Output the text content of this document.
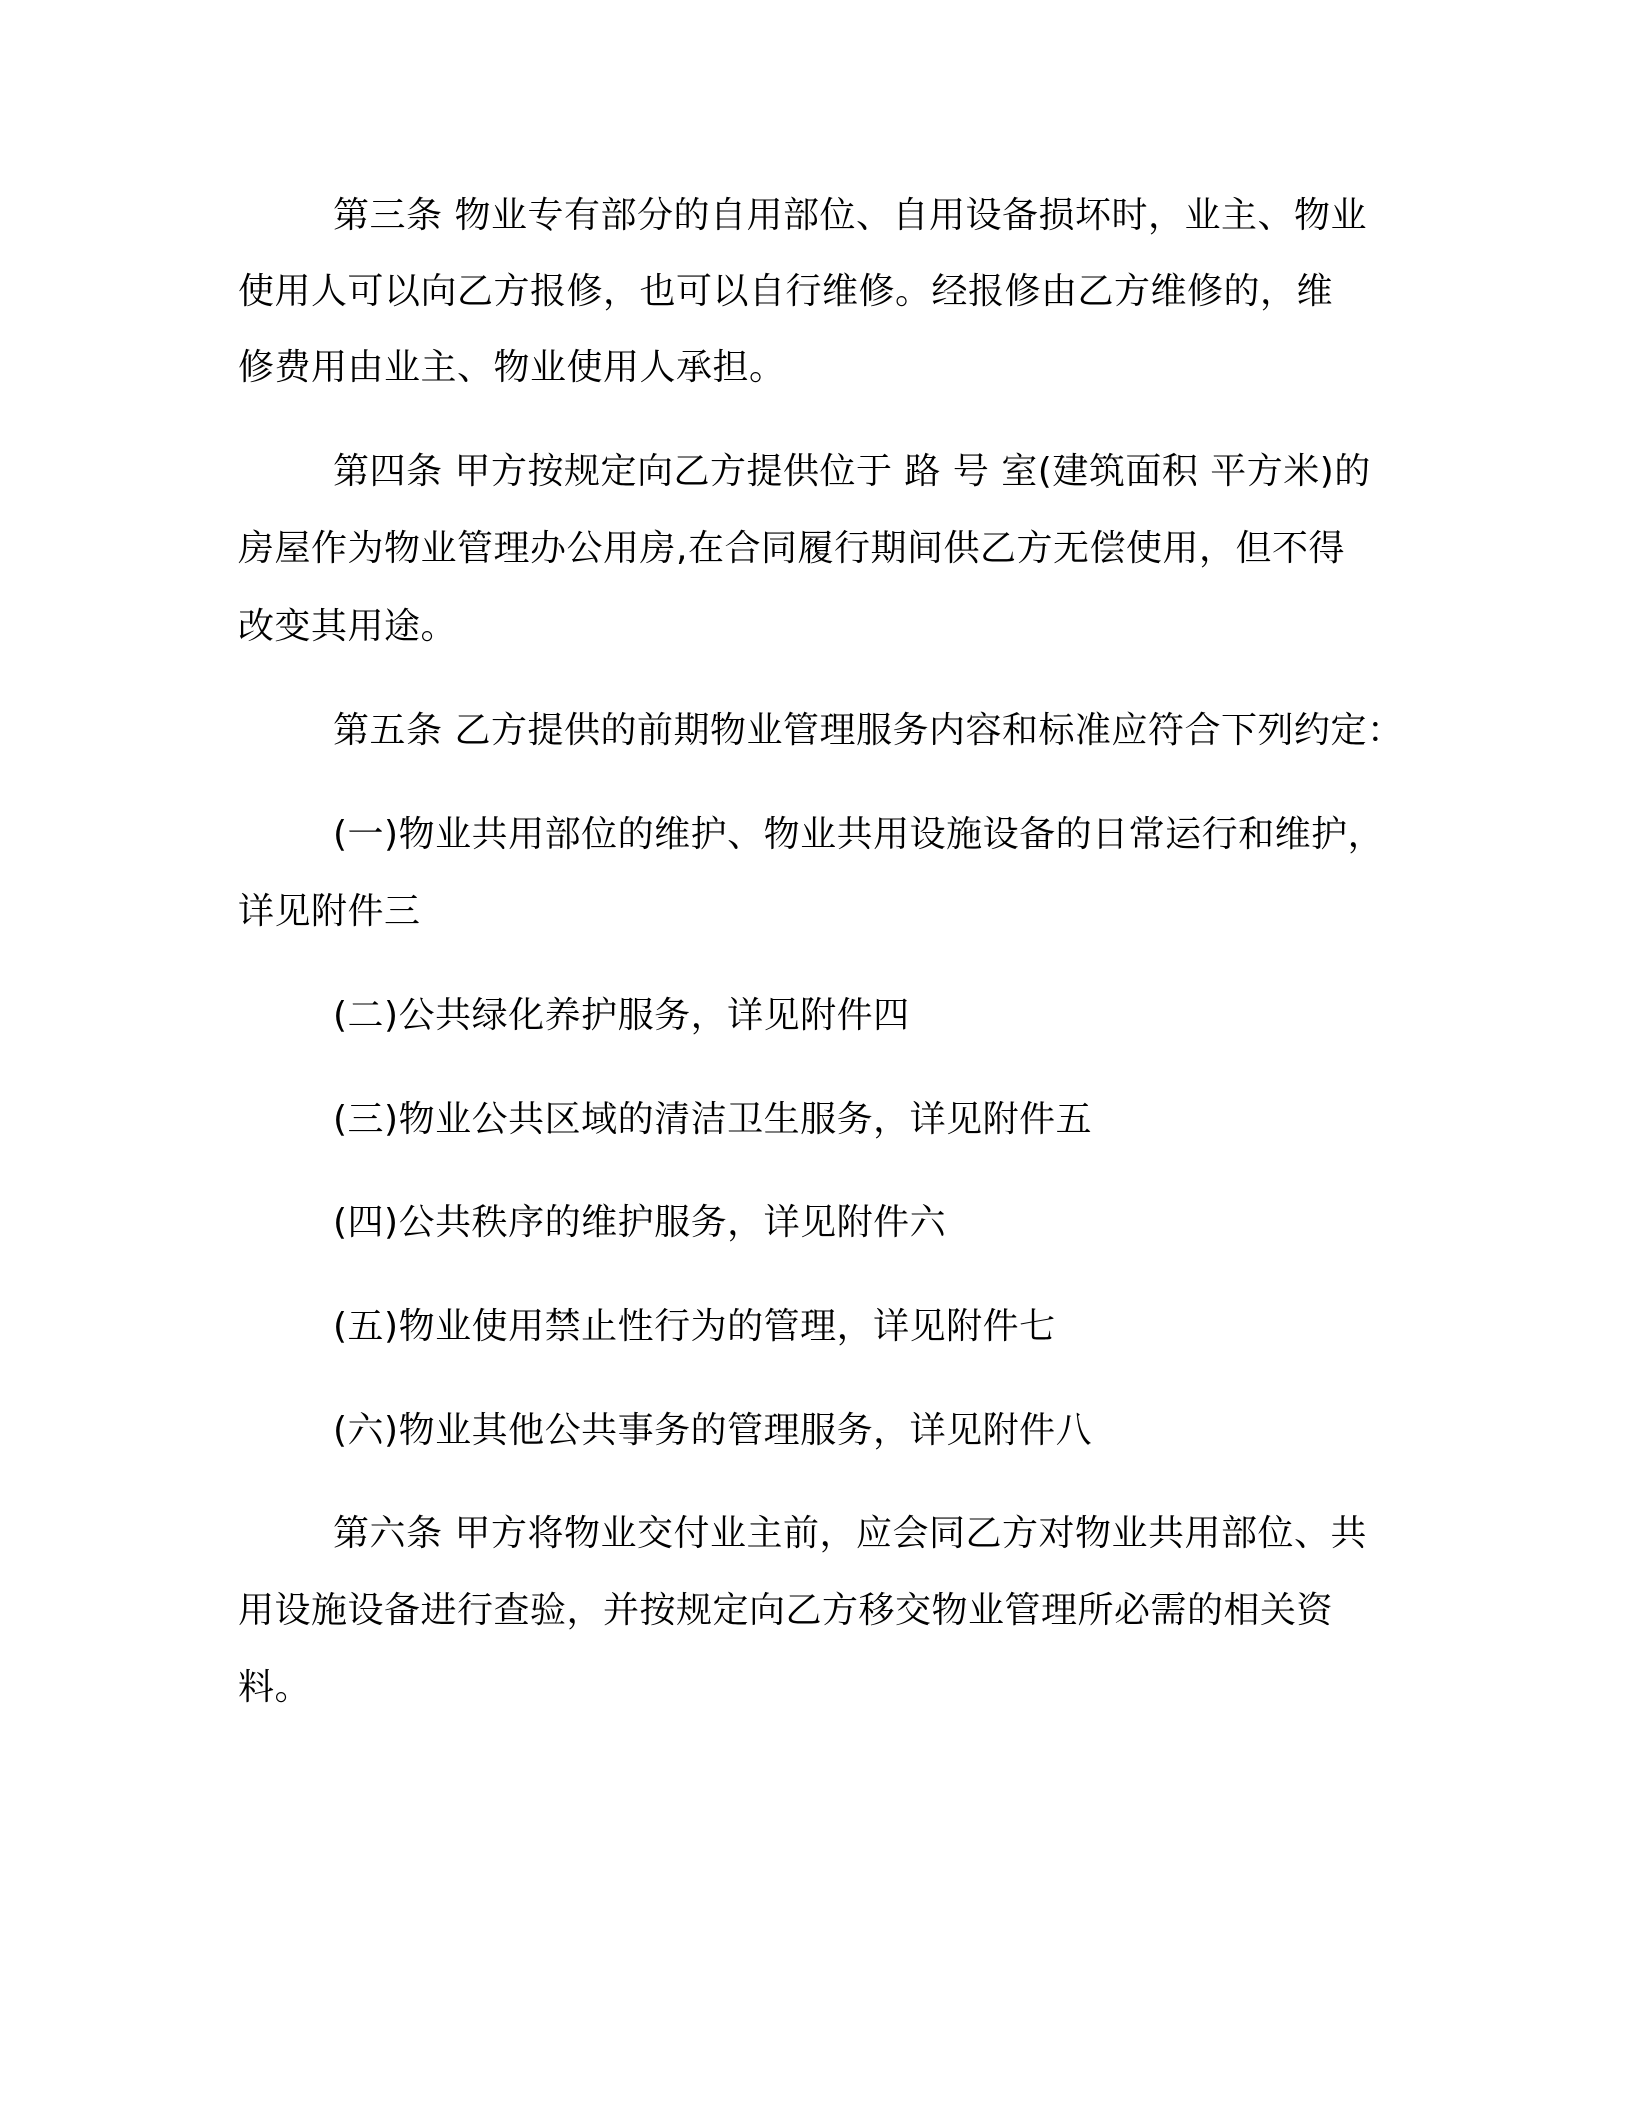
第三条 物业专有部分的自用部位、自用设备损坏时，业主、物业
使用人可以向乙方报修，也可以自行维修。经报修由乙方维修的，维
修费用由业主、物业使用人承担。
第四条 甲方按规定向乙方提供位于 路 号 室(建筑面积 平方米)的
房屋作为物业管理办公用房,在合同履行期间供乙方无偿使用，但不得
改变其用途。
第五条 乙方提供的前期物业管理服务内容和标准应符合下列约定：
(一)物业共用部位的维护、物业共用设施设备的日常运行和维护，
详见附件三
(二)公共绿化养护服务，详见附件四
(三)物业公共区域的清洁卫生服务，详见附件五
(四)公共秩序的维护服务，详见附件六
(五)物业使用禁止性行为的管理，详见附件七
(六)物业其他公共事务的管理服务，详见附件八
第六条 甲方将物业交付业主前，应会同乙方对物业共用部位、共
用设施设备进行查验，并按规定向乙方移交物业管理所必需的相关资
料。
